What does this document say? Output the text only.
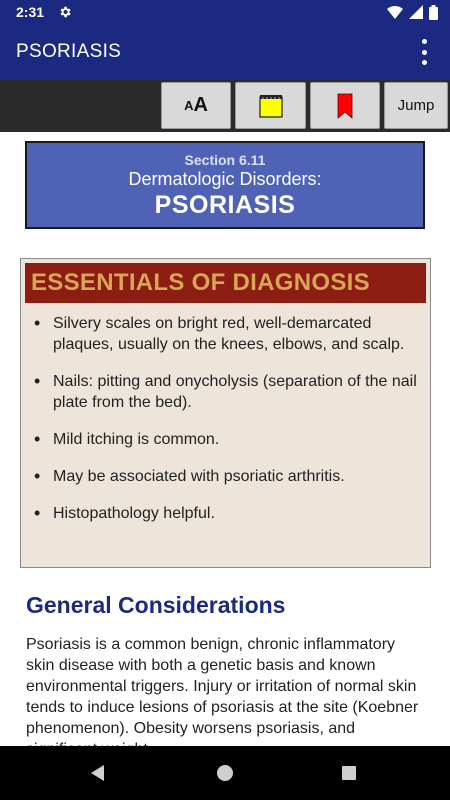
2:31
PSORIASIS
A A	Jump
Section 6.11
Dermatologic Disorders:
PSORIASIS
ESSENTIALS OF DIAGNOSIS
• Silvery scales on bright red, well-demarcated plaques, usually on the knees, elbows, and scalp.
• Nails: pitting and onycholysis (separation of the nail plate from the bed).
• Mild itching is common.
• May be associated with psoriatic arthritis.
• Histopathology helpful.
General Considerations

Psoriasis is a common benign, chronic inflammatory skin disease with both a genetic basis and known environmental triggers. Injury or irritation of normal skin tends to induce lesions of psoriasis at the site (Koebner phenomenon). Obesity worsens psoriasis, and
